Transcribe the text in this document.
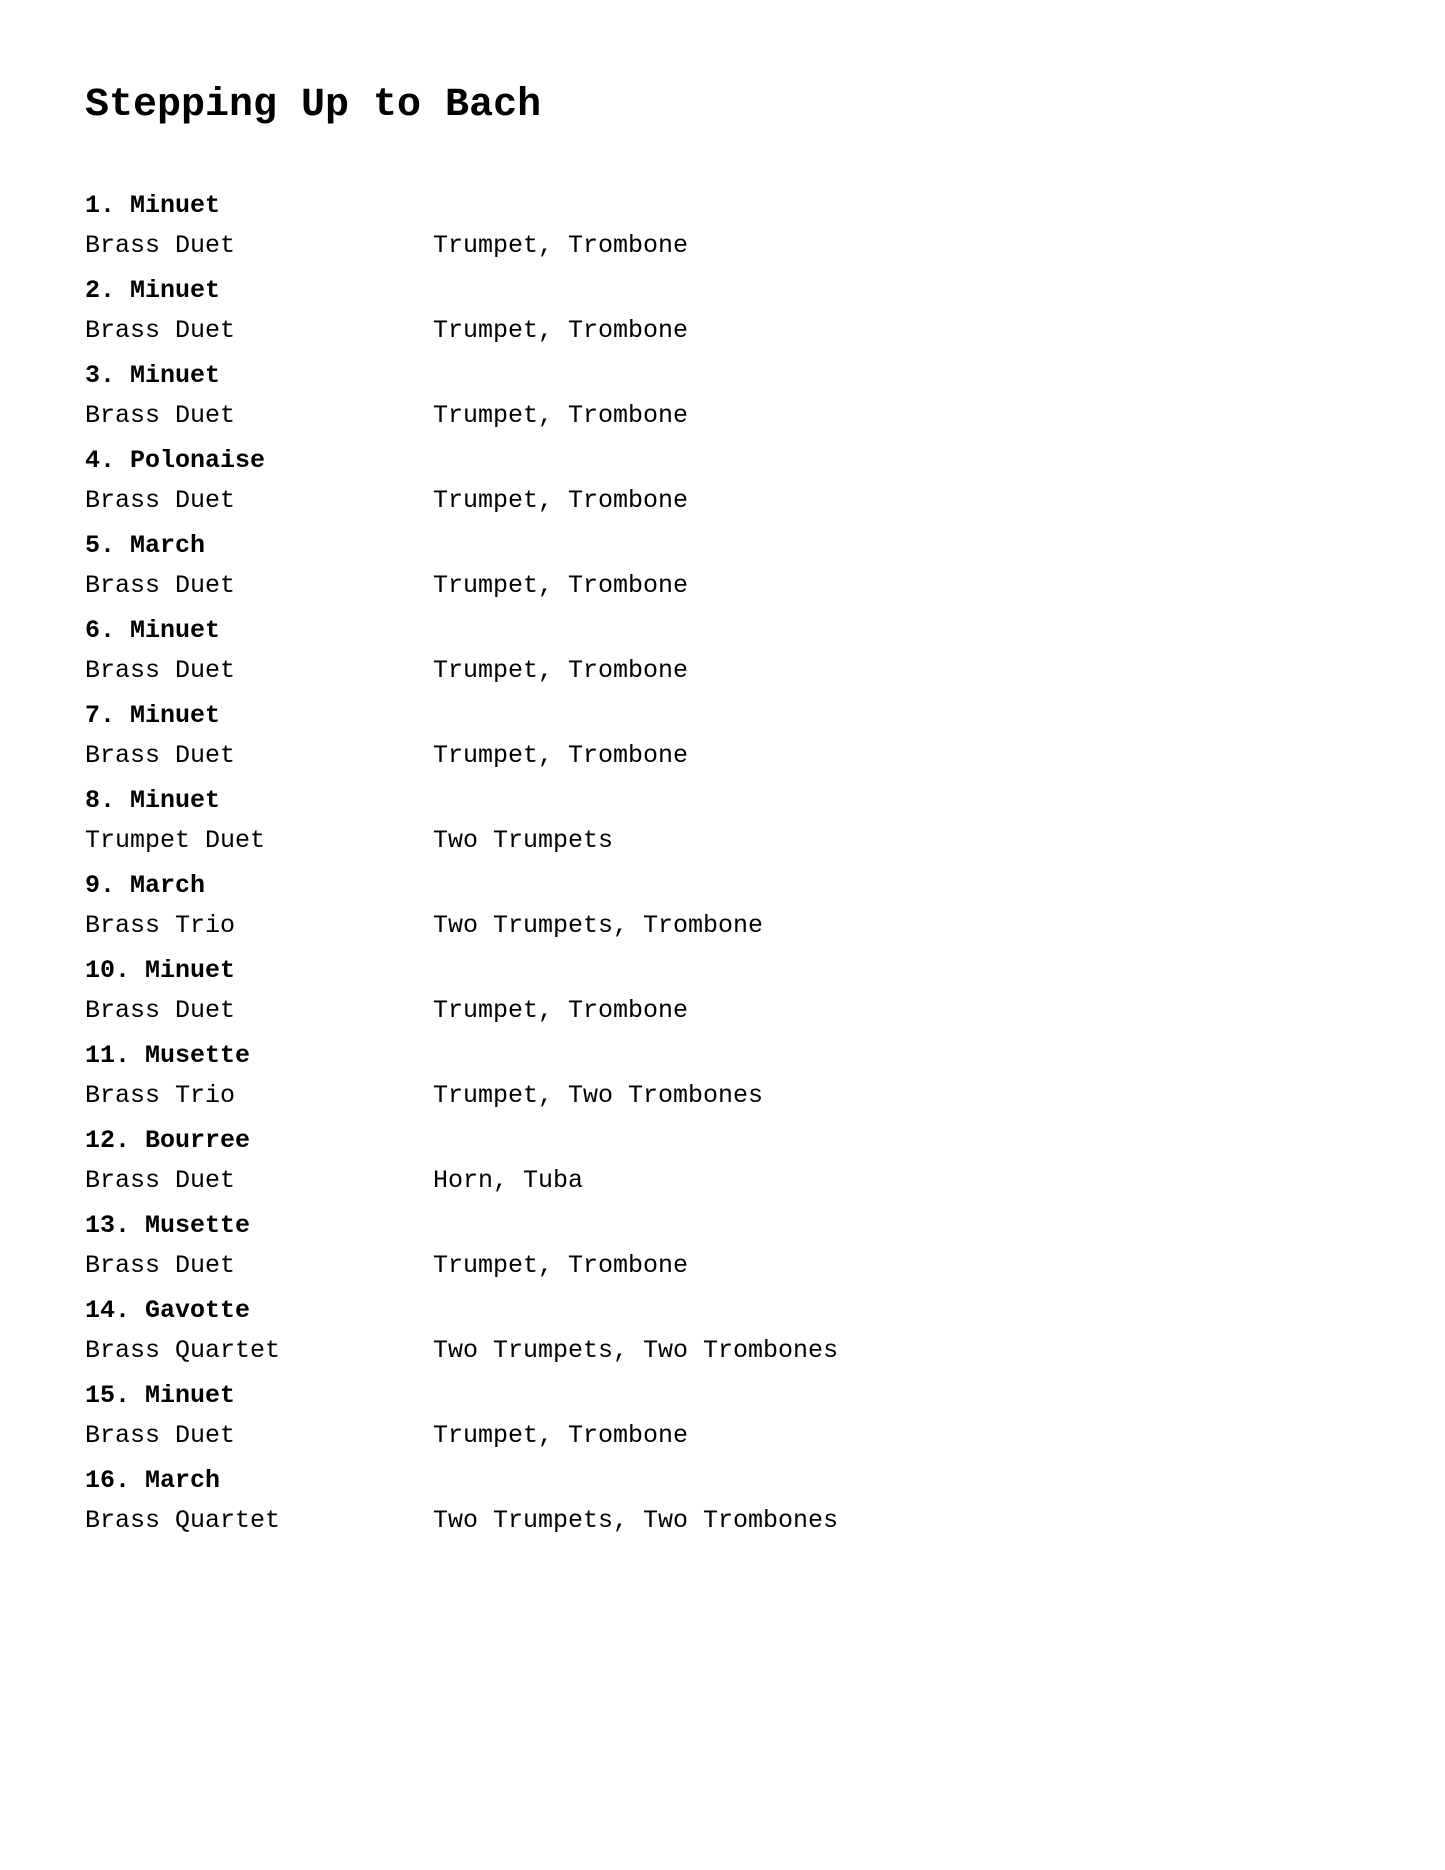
Stepping Up to Bach
1. Minuet
Brass Duet	Trumpet, Trombone
2. Minuet
Brass Duet	Trumpet, Trombone
3. Minuet
Brass Duet	Trumpet, Trombone
4. Polonaise
Brass Duet	Trumpet, Trombone
5. March
Brass Duet	Trumpet, Trombone
6. Minuet
Brass Duet	Trumpet, Trombone
7. Minuet
Brass Duet	Trumpet, Trombone
8. Minuet
Trumpet Duet	Two Trumpets
9. March
Brass Trio	Two Trumpets, Trombone
10. Minuet
Brass Duet	Trumpet, Trombone
11. Musette
Brass Trio	Trumpet, Two Trombones
12. Bourree
Brass Duet	Horn, Tuba
13. Musette
Brass Duet	Trumpet, Trombone
14. Gavotte
Brass Quartet	Two Trumpets, Two Trombones
15. Minuet
Brass Duet	Trumpet, Trombone
16. March
Brass Quartet	Two Trumpets, Two Trombones
